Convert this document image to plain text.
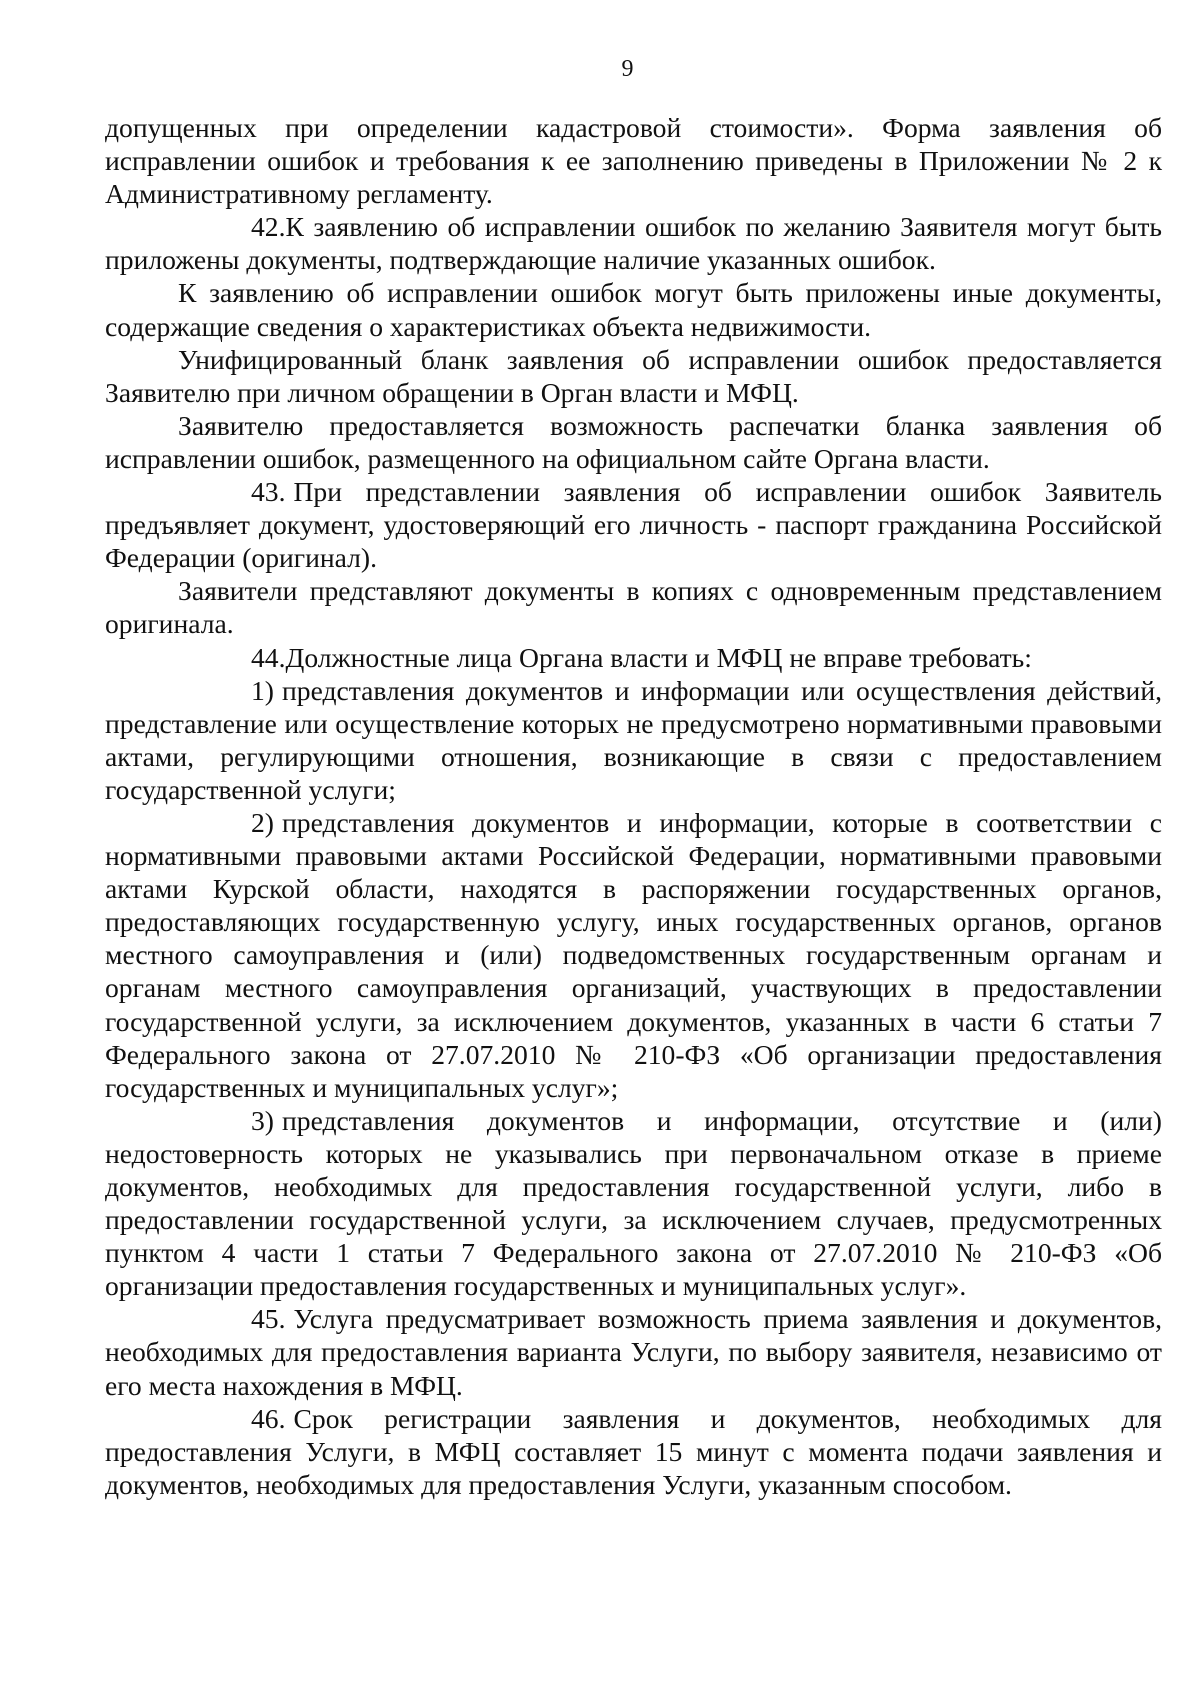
9

допущенных при определении кадастровой стоимости». Форма заявления об исправлении ошибок и требования к ее заполнению приведены в Приложении № 2 к Административному регламенту.

42.К заявлению об исправлении ошибок по желанию Заявителя могут быть приложены документы, подтверждающие наличие указанных ошибок.

К заявлению об исправлении ошибок могут быть приложены иные документы, содержащие сведения о характеристиках объекта недвижимости.

Унифицированный бланк заявления об исправлении ошибок предоставляется Заявителю при личном обращении в Орган власти и МФЦ.

Заявителю предоставляется возможность распечатки бланка заявления об исправлении ошибок, размещенного на официальном сайте Органа власти.

43. При представлении заявления об исправлении ошибок Заявитель предъявляет документ, удостоверяющий его личность - паспорт гражданина Российской Федерации (оригинал).

Заявители представляют документы в копиях с одновременным представлением оригинала.

44.Должностные лица Органа власти и МФЦ не вправе требовать:

1) представления документов и информации или осуществления действий, представление или осуществление которых не предусмотрено нормативными правовыми актами, регулирующими отношения, возникающие в связи с предоставлением государственной услуги;

2) представления документов и информации, которые в соответствии с нормативными правовыми актами Российской Федерации, нормативными правовыми актами Курской области, находятся в распоряжении государственных органов, предоставляющих государственную услугу, иных государственных органов, органов местного самоуправления и (или) подведомственных государственным органам и органам местного самоуправления организаций, участвующих в предоставлении государственной услуги, за исключением документов, указанных в части 6 статьи 7 Федерального закона от 27.07.2010 № 210-ФЗ «Об организации предоставления государственных и муниципальных услуг»;

3) представления документов и информации, отсутствие и (или) недостоверность которых не указывались при первоначальном отказе в приеме документов, необходимых для предоставления государственной услуги, либо в предоставлении государственной услуги, за исключением случаев, предусмотренных пунктом 4 части 1 статьи 7 Федерального закона от 27.07.2010 № 210-ФЗ «Об организации предоставления государственных и муниципальных услуг».

45. Услуга предусматривает возможность приема заявления и документов, необходимых для предоставления варианта Услуги, по выбору заявителя, независимо от его места нахождения в МФЦ.

46. Срок регистрации заявления и документов, необходимых для предоставления Услуги, в МФЦ составляет 15 минут с момента подачи заявления и документов, необходимых для предоставления Услуги, указанным способом.
